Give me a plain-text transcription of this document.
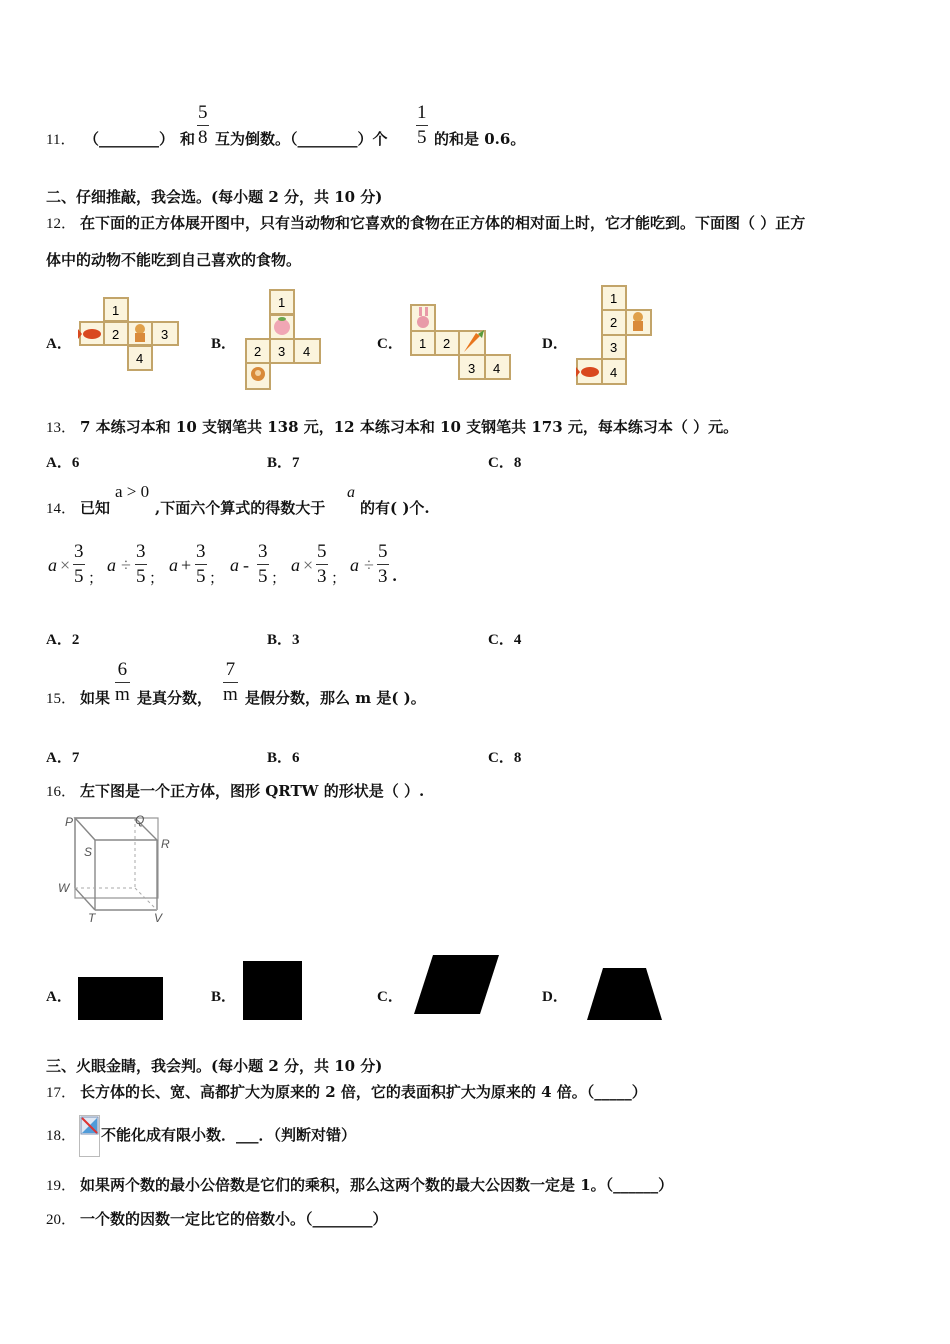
11． （________） 和 $\frac{5}{8}$ 互为倒数。（________）个 $\frac{1}{5}$ 的和是 0.6。
二、仔细推敲，我会选。(每小题 2 分，共 10 分)
12． 在下面的正方体展开图中，只有当动物和它喜欢的食物在正方体的相对面上时，它才能吃到。下面图（ ）正方
体中的动物不能吃到自己喜欢的食物。
A．	B．	C．	D．
1
2	3
4
1
2 3 4
1 2
3 4
1
2
3
4
13． 7 本练习本和 10 支钢笔共 138 元，12 本练习本和 10 支钢笔共 173 元，每本练习本（ ）元。
A．6	B．7	C．8
14． 已知
a > 0
,下面六个算式的得数大于
a
的有( )个.
$a \times \frac{3}{5}$ ；
$a \div \frac{3}{5}$ ；
$a + \frac{3}{5}$ ；
a - $\frac{3}{5}$ ；
$a \times \frac{5}{3}$ ；
$a \div \frac{5}{3}$ .
A．2	B．3	C．4
15． 如果 $\frac{6}{m}$ 是真分数， $\frac{7}{m}$ 是假分数，那么 m 是( )。
A．7	B．6	C．8
16． 左下图是一个正方体，图形 QRTW 的形状是（ ）.
P	Q
R
S
W
T	V
A．	B．	C．	D．
三、火眼金睛，我会判。(每小题 2 分，共 10 分)
17． 长方体的长、宽、高都扩大为原来的 2 倍，它的表面积扩大为原来的 4 倍。（_____）
18． 不能化成有限小数．___．（判断对错）
19． 如果两个数的最小公倍数是它们的乘积，那么这两个数的最大公因数一定是 1。（______）
20． 一个数的因数一定比它的倍数小。（________）
